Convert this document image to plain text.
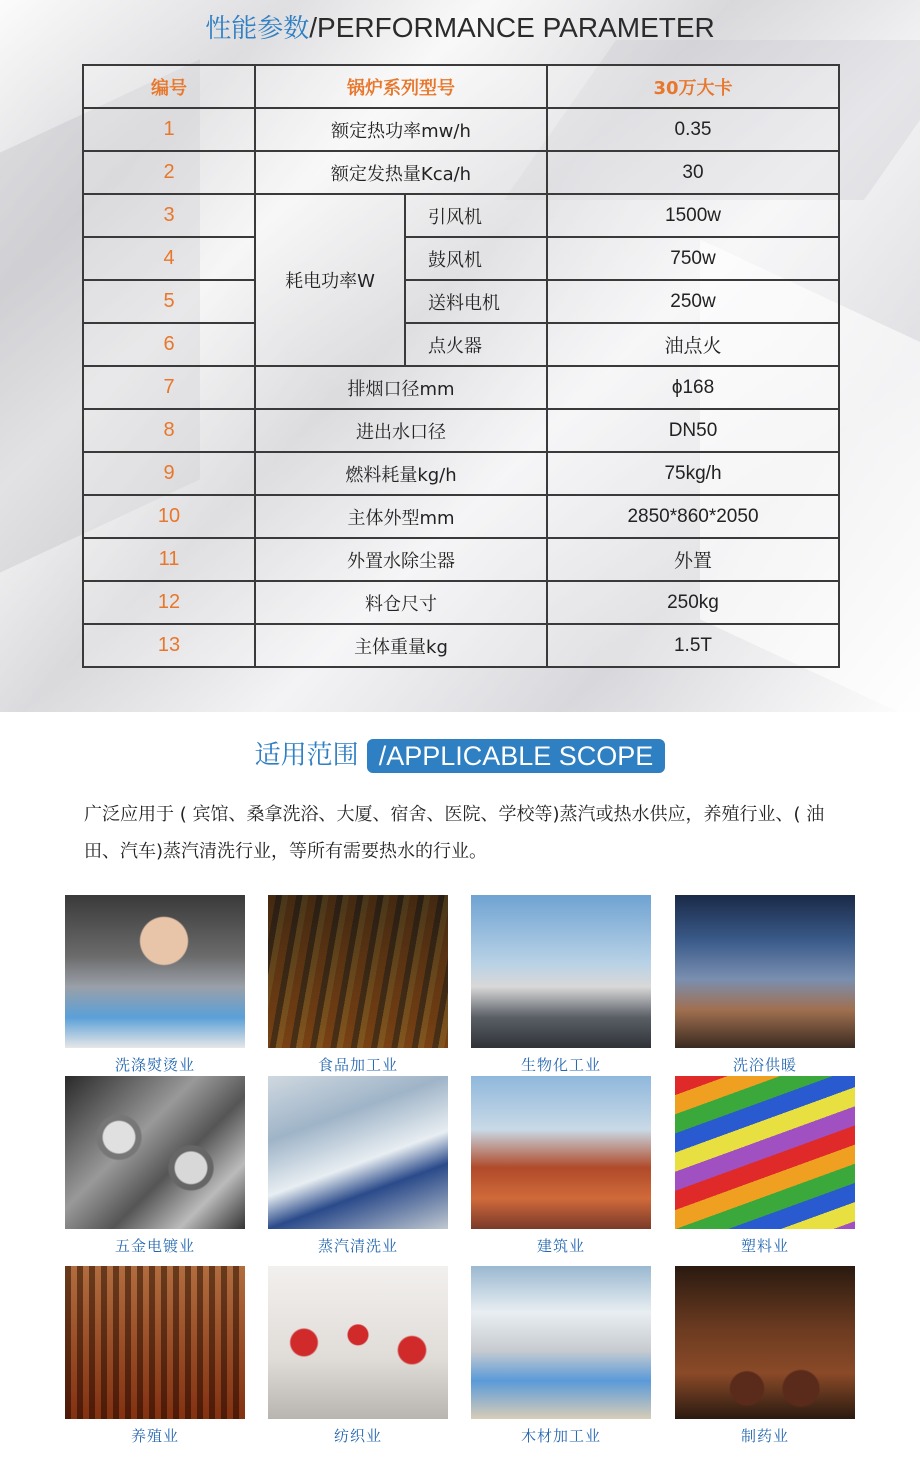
性能参数/PERFORMANCE PARAMETER
编号	锅炉系列型号		30万大卡
1	额定热功率mw/h		0.35
2	额定发热量Kca/h		30
3	耗电功率W	引风机	1500w
4		鼓风机	750w
5		送料电机	250w
6		点火器	油点火
7	排烟口径mm		ϕ168
8	进出水口径		DN50
9	燃料耗量kg/h		75kg/h
10	主体外型mm		2850*860*2050
11	外置水除尘器		外置
12	料仓尺寸		250kg
13	主体重量kg		1.5T
适用范围 /APPLICABLE SCOPE
广泛应用于 ( 宾馆、桑拿洗浴、大厦、宿舍、医院、学校等)蒸汽或热水供应，养殖行业、( 油田、汽车)蒸汽清洗行业，等所有需要热水的行业。
洗涤熨烫业	食品加工业	生物化工业	洗浴供暖
五金电镀业	蒸汽清洗业	建筑业	塑料业
养殖业	纺织业	木材加工业	制药业
